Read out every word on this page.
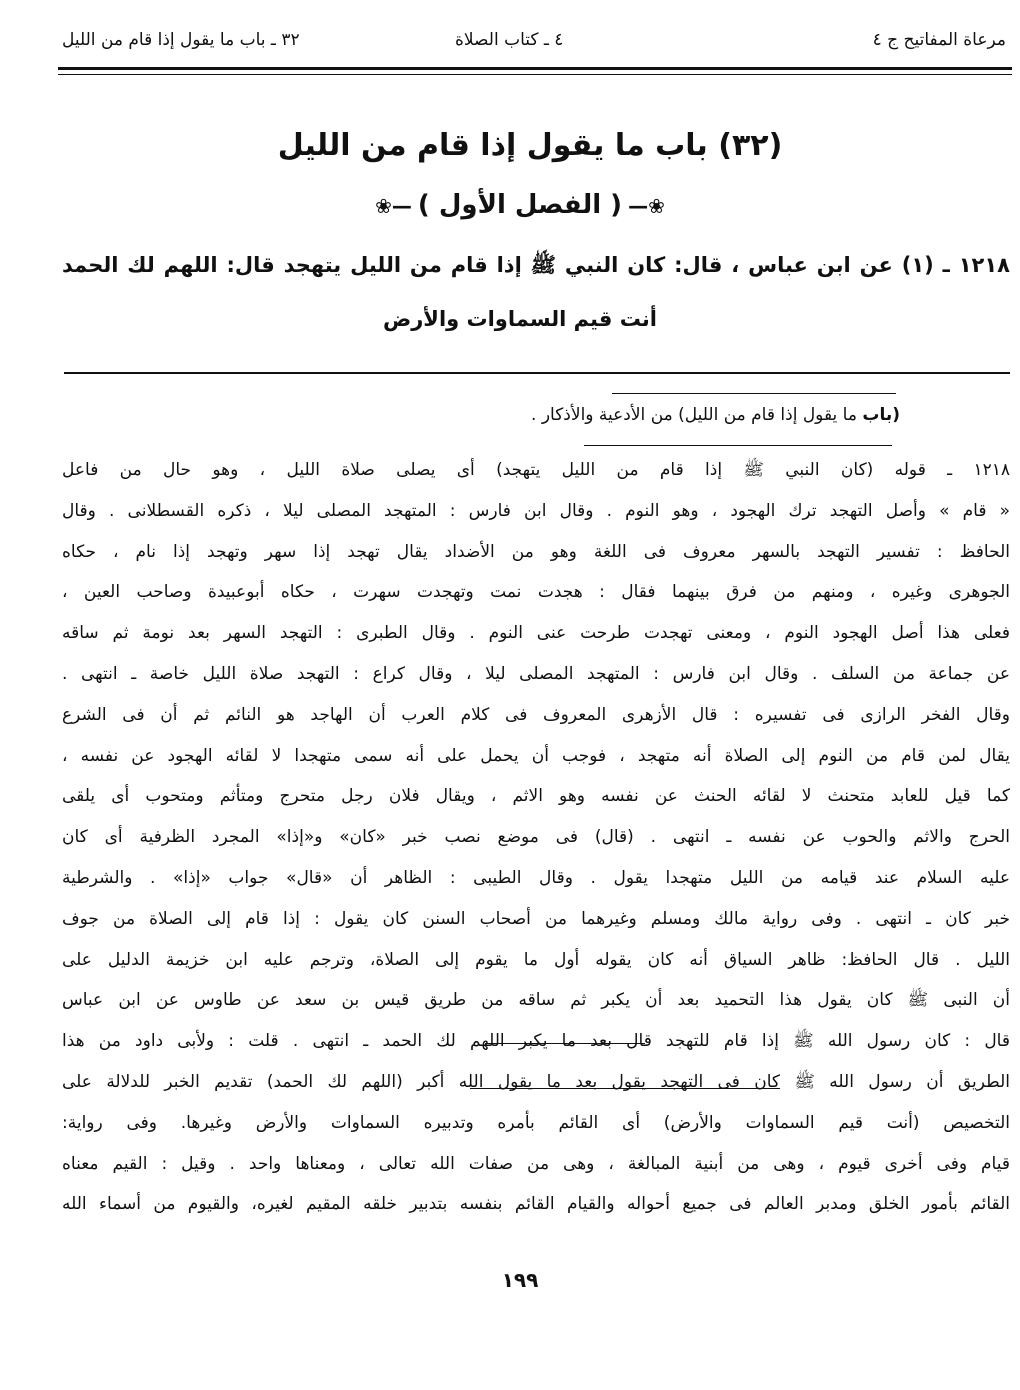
مرعاة المفاتيح ج ٤
٤ ـ كتاب الصلاة
٣٢ ـ باب ما يقول إذا قام من الليل
(٣٢) باب ما يقول إذا قام من الليل
❀—( الفصل الأول )—❀
١٢١٨ ـ (١) عن ابن عباس ، قال: كان النبي ﷺ إذا قام من الليل يتهجد قال: اللهم لك الحمد
أنت قيم السماوات والأرض
(باب ما يقول إذا قام من الليل) من الأدعية والأذكار .
١٢١٨ ـ قوله (كان النبي ﷺ إذا قام من الليل يتهجد) أى يصلى صلاة الليل ، وهو حال من فاعل
« قام » وأصل التهجد ترك الهجود ، وهو النوم . وقال ابن فارس : المتهجد المصلى ليلا ، ذكره القسطلانى . وقال
الحافظ : تفسير التهجد بالسهر معروف فى اللغة وهو من الأضداد يقال تهجد إذا سهر وتهجد إذا نام ، حكاه
الجوهرى وغيره ، ومنهم من فرق بينهما فقال : هجدت نمت وتهجدت سهرت ، حكاه أبوعبيدة وصاحب العين ،
فعلى هذا أصل الهجود النوم ، ومعنى تهجدت طرحت عنى النوم . وقال الطبرى : التهجد السهر بعد نومة ثم ساقه
عن جماعة من السلف . وقال ابن فارس : المتهجد المصلى ليلا ، وقال كراع : التهجد صلاة الليل خاصة ـ انتهى .
وقال الفخر الرازى فى تفسيره : قال الأزهرى المعروف فى كلام العرب أن الهاجد هو النائم ثم أن فى الشرع
يقال لمن قام من النوم إلى الصلاة أنه متهجد ، فوجب أن يحمل على أنه سمى متهجدا لا لقائه الهجود عن نفسه ،
كما قيل للعابد متحنث لا لقائه الحنث عن نفسه وهو الاثم ، ويقال فلان رجل متحرج ومتأثم ومتحوب أى يلقى
الحرج والاثم والحوب عن نفسه ـ انتهى . (قال) فى موضع نصب خبر «كان» و«إذا» المجرد الظرفية أى كان
عليه السلام عند قيامه من الليل متهجدا يقول . وقال الطيبى : الظاهر أن «قال» جواب «إذا» . والشرطية
خبر كان ـ انتهى . وفى رواية مالك ومسلم وغيرهما من أصحاب السنن كان يقول : إذا قام إلى الصلاة من جوف
الليل . قال الحافظ: ظاهر السياق أنه كان يقوله أول ما يقوم إلى الصلاة، وترجم عليه ابن خزيمة الدليل على
أن النبى ﷺ كان يقول هذا التحميد بعد أن يكبر ثم ساقه من طريق قيس بن سعد عن طاوس عن ابن عباس
قال : كان رسول الله ﷺ إذا قام للتهجد قال بعد ما يكبر اللهم لك الحمد ـ انتهى . قلت : ولأبى داود من هذا
الطريق أن رسول الله ﷺ كان فى التهجد يقول بعد ما يقول الله أكبر (اللهم لك الحمد) تقديم الخبر للدلالة على
التخصيص (أنت قيم السماوات والأرض) أى القائم بأمره وتدبيره السماوات والأرض وغيرها. وفى رواية:
قيام وفى أخرى قيوم ، وهى من أبنية المبالغة ، وهى من صفات الله تعالى ، ومعناها واحد . وقيل : القيم معناه
القائم بأمور الخلق ومدبر العالم فى جميع أحواله والقيام القائم بنفسه بتدبير خلقه المقيم لغيره، والقيوم من أسماء الله
١٩٩
